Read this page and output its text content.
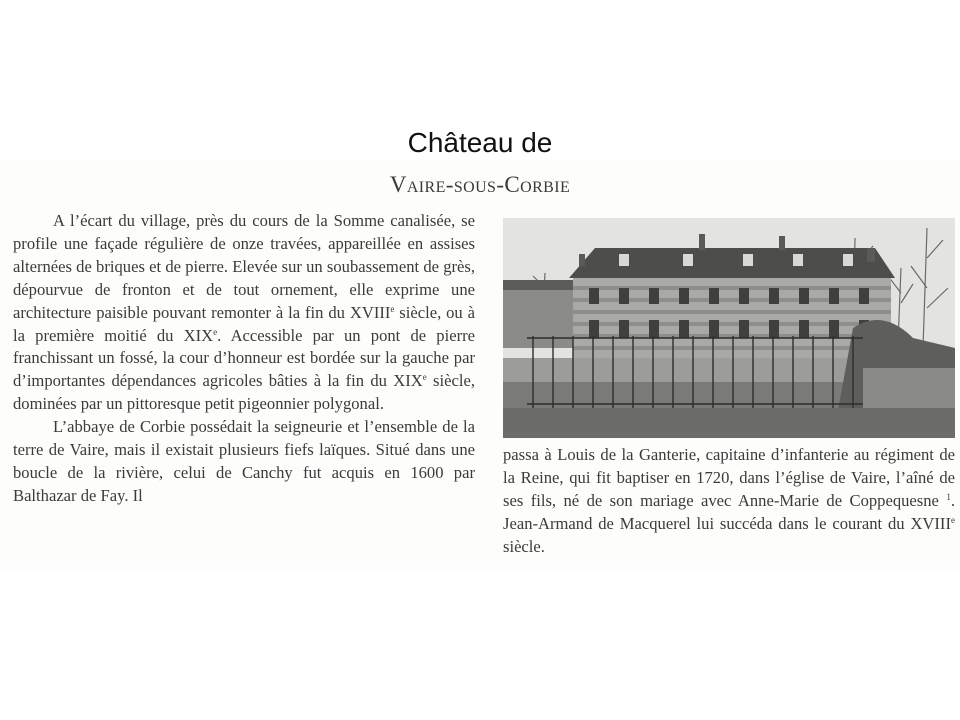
Château de
Vaire-sous-Corbie

A l’écart du village, près du cours de la Somme canalisée, se profile une façade régulière de onze travées, appareillée en assises alternées de briques et de pierre. Elevée sur un soubassement de grès, dépourvue de fronton et de tout ornement, elle exprime une architecture paisible pouvant remonter à la fin du XVIIIe siècle, ou à la première moitié du XIXe. Accessible par un pont de pierre franchissant un fossé, la cour d’honneur est bordée sur la gauche par d’importantes dépendances agricoles bâties à la fin du XIXe siècle, dominées par un pittoresque petit pigeonnier polygonal.

L’abbaye de Corbie possédait la seigneurie et l’ensemble de la terre de Vaire, mais il existait plusieurs fiefs laïques. Situé dans une boucle de la rivière, celui de Canchy fut acquis en 1600 par Balthazar de Fay. Il

passa à Louis de la Ganterie, capitaine d’infanterie au régiment de la Reine, qui fit baptiser en 1720, dans l’église de Vaire, l’aîné de ses fils, né de son mariage avec Anne-Marie de Coppequesne $^1$. Jean-Armand de Macquerel lui succéda dans le courant du XVIIIe siècle.
